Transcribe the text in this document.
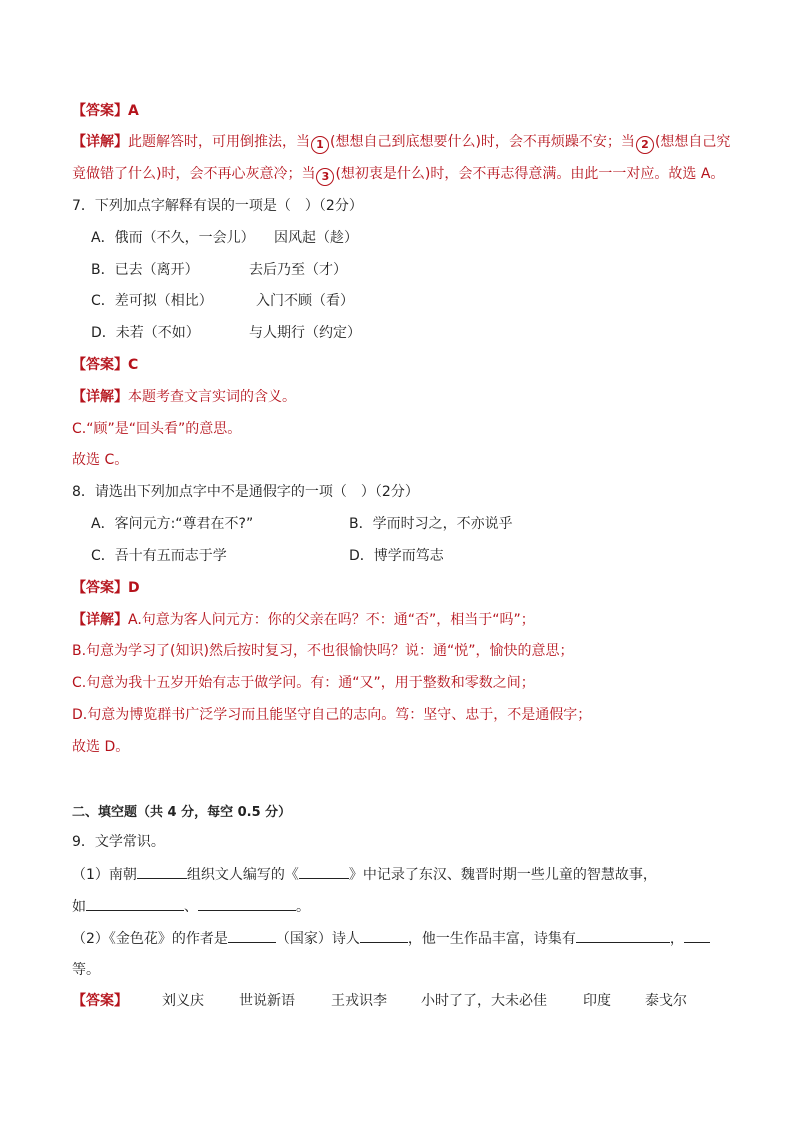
【答案】A
【详解】此题解答时，可用倒推法，当 1 (想想自己到底想要什么)时，会不再烦躁不安；当 2 (想想自己究
竟做错了什么)时，会不再心灰意冷；当 3 (想初衷是什么)时，会不再志得意满。由此一一对应。故选 A。
7．下列加点字解释有误的一项是（　）（2分）
A．俄而（不久，一会儿） 因风起（趁）
B．已去（离开）	去后乃至（才）
C．差可拟（相比）	入门不顾（看）
D．未若（不如）	与人期行（约定）
【答案】C
【详解】本题考查文言实词的含义。
C.“顾”是“回头看”的意思。
故选 C。
8．请选出下列加点字中不是通假字的一项（　）（2分）
A．客问元方:“尊君在不?”	B．学而时习之，不亦说乎
C．吾十有五而志于学	D．博学而笃志
【答案】D
【详解】A.句意为客人问元方：你的父亲在吗？不：通“否”，相当于“吗”；
B.句意为学习了(知识)然后按时复习，不也很愉快吗？说：通“悦”，愉快的意思；
C.句意为我十五岁开始有志于做学问。有：通“又”，用于整数和零数之间；
D.句意为博览群书广泛学习而且能坚守自己的志向。笃：坚守、忠于，不是通假字；
故选 D。
二、填空题（共 4 分，每空 0.5 分）
9．文学常识。
（1）南朝	组织文人编写的《	》中记录了东汉、魏晋时期一些儿童的智慧故事，
如	、	。
（2）《金色花》的作者是	（国家）诗人	，他一生作品丰富，诗集有	，
等。
【答案】 刘义庆	世说新语	王戎识李 小时了了，大未必佳	印度 泰戈尔
